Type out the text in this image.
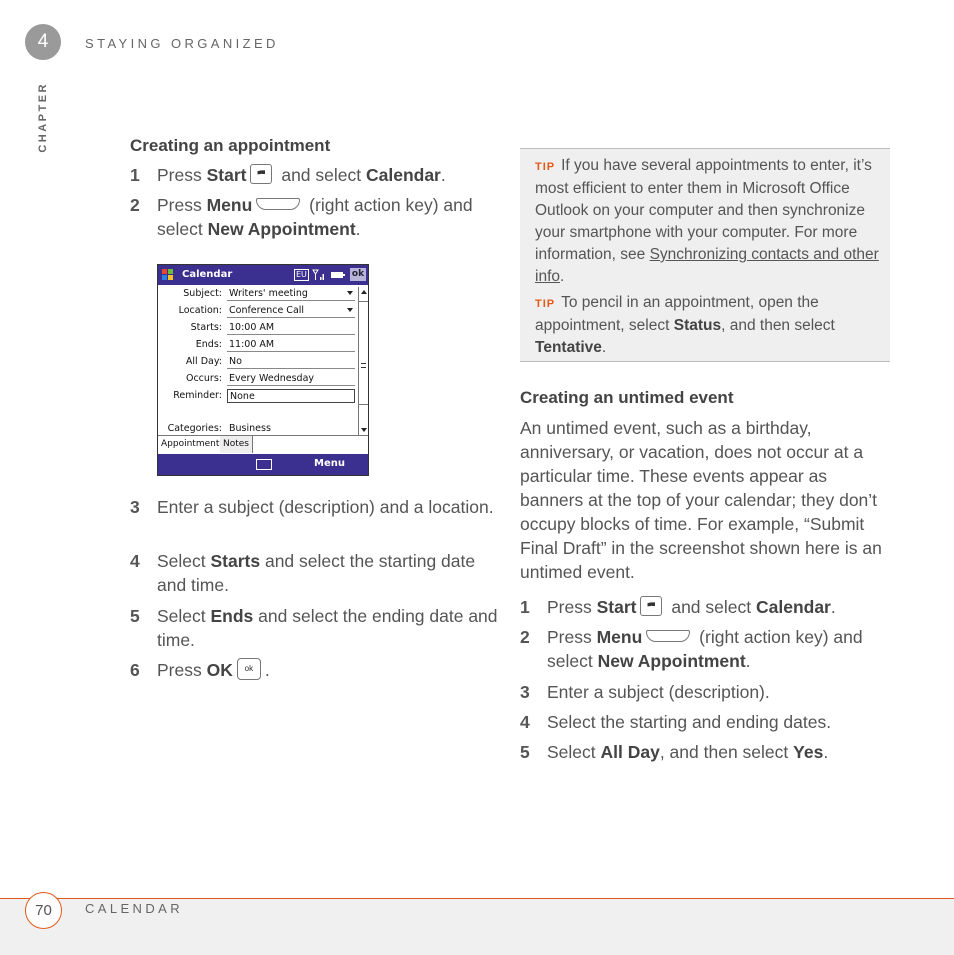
4	STAYING ORGANIZED
CHAPTER	Creating an appointment
1 Press Start and select Calendar.
2 Press Menu	(right action key) and select New Appointment.
Calendar	EU	ok
Subject: Writers' meeting
Location: Conference Call
Starts: 10:00 AM
Ends: 11:00 AM
All Day: No
Occurs: Every Wednesday
Reminder: None
Categories: Business
Appointment Notes
Menu
3 Enter a subject (description) and a location.
4 Select Starts and select the starting date and time.
5 Select Ends and select the ending date and time.
6 Press OK ok .
TIP If you have several appointments to enter, it’s most efficient to enter them in Microsoft Office Outlook on your computer and then synchronize your smartphone with your computer. For more information, see Synchronizing contacts and other info.
TIP To pencil in an appointment, open the appointment, select Status, and then select Tentative.
Creating an untimed event
An untimed event, such as a birthday, anniversary, or vacation, does not occur at a particular time. These events appear as banners at the top of your calendar; they don’t occupy blocks of time. For example, “Submit Final Draft” in the screenshot shown here is an untimed event.
1 Press Start and select Calendar.
2 Press Menu	(right action key) and select New Appointment.
3 Enter a subject (description).
4 Select the starting and ending dates.
5 Select All Day, and then select Yes.
70	CALENDAR
